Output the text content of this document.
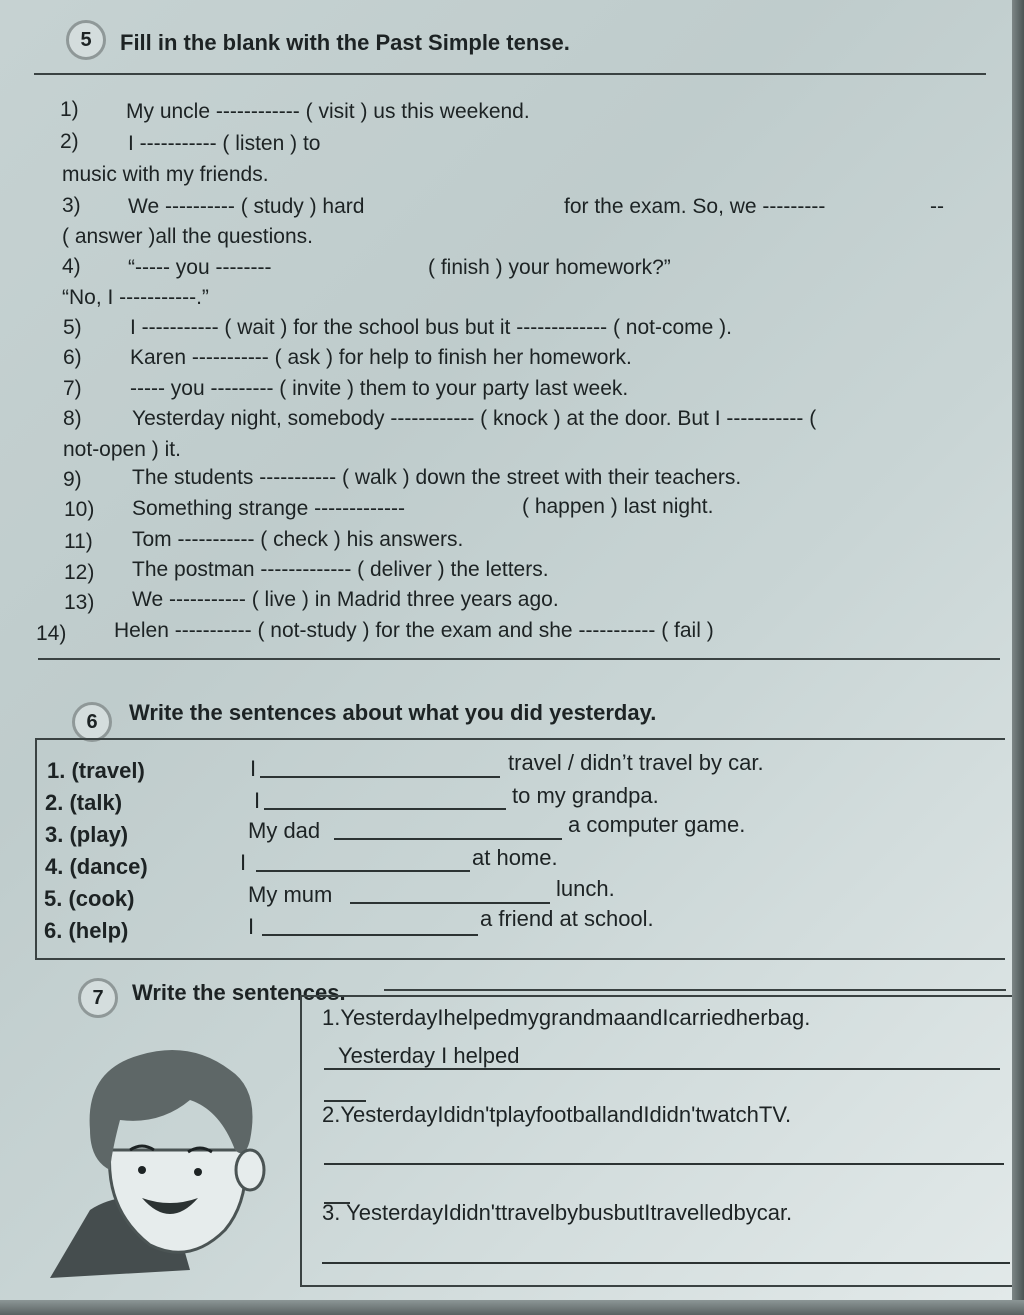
5	Fill in the blank with the Past Simple tense.
1) My uncle ------------ ( visit ) us this weekend.
2) I ----------- ( listen ) to
music with my friends.
3) We ---------- ( study ) hard	for the exam. So, we ---------	--
( answer )all the questions.
4) “----- you --------	( finish ) your homework?”
“No, I -----------.”
5) I ----------- ( wait ) for the school bus but it ------------- ( not-come ).
6) Karen ----------- ( ask ) for help to finish her homework.
7) ----- you --------- ( invite ) them to your party last week.
8) Yesterday night, somebody ------------ ( knock ) at the door. But I ----------- (
not-open ) it.
9) The students ----------- ( walk ) down the street with their teachers.
10) Something strange -------------	( happen ) last night.
11) Tom ----------- ( check ) his answers.
12) The postman ------------- ( deliver ) the letters.
13) We ----------- ( live ) in Madrid three years ago.
14) Helen ----------- ( not-study ) for the exam and she ----------- ( fail )
6	Write the sentences about what you did yesterday.
1. (travel)	I	travel / didn’t travel by car.
2. (talk)	I	to my grandpa.
3. (play)	My dad	a computer game.
4. (dance)	I	at home.
5. (cook)	My mum	lunch.
6. (help)	I	a friend at school.
7	Write the sentences.
1.YesterdayIhelpedmygrandmaandIcarriedherbag.
Yesterday I helped
2.YesterdayIdidn'tplayfootballandIdidn'twatchTV.
3. YesterdayIdidn'ttravelbybusbutItravelledbycar.
